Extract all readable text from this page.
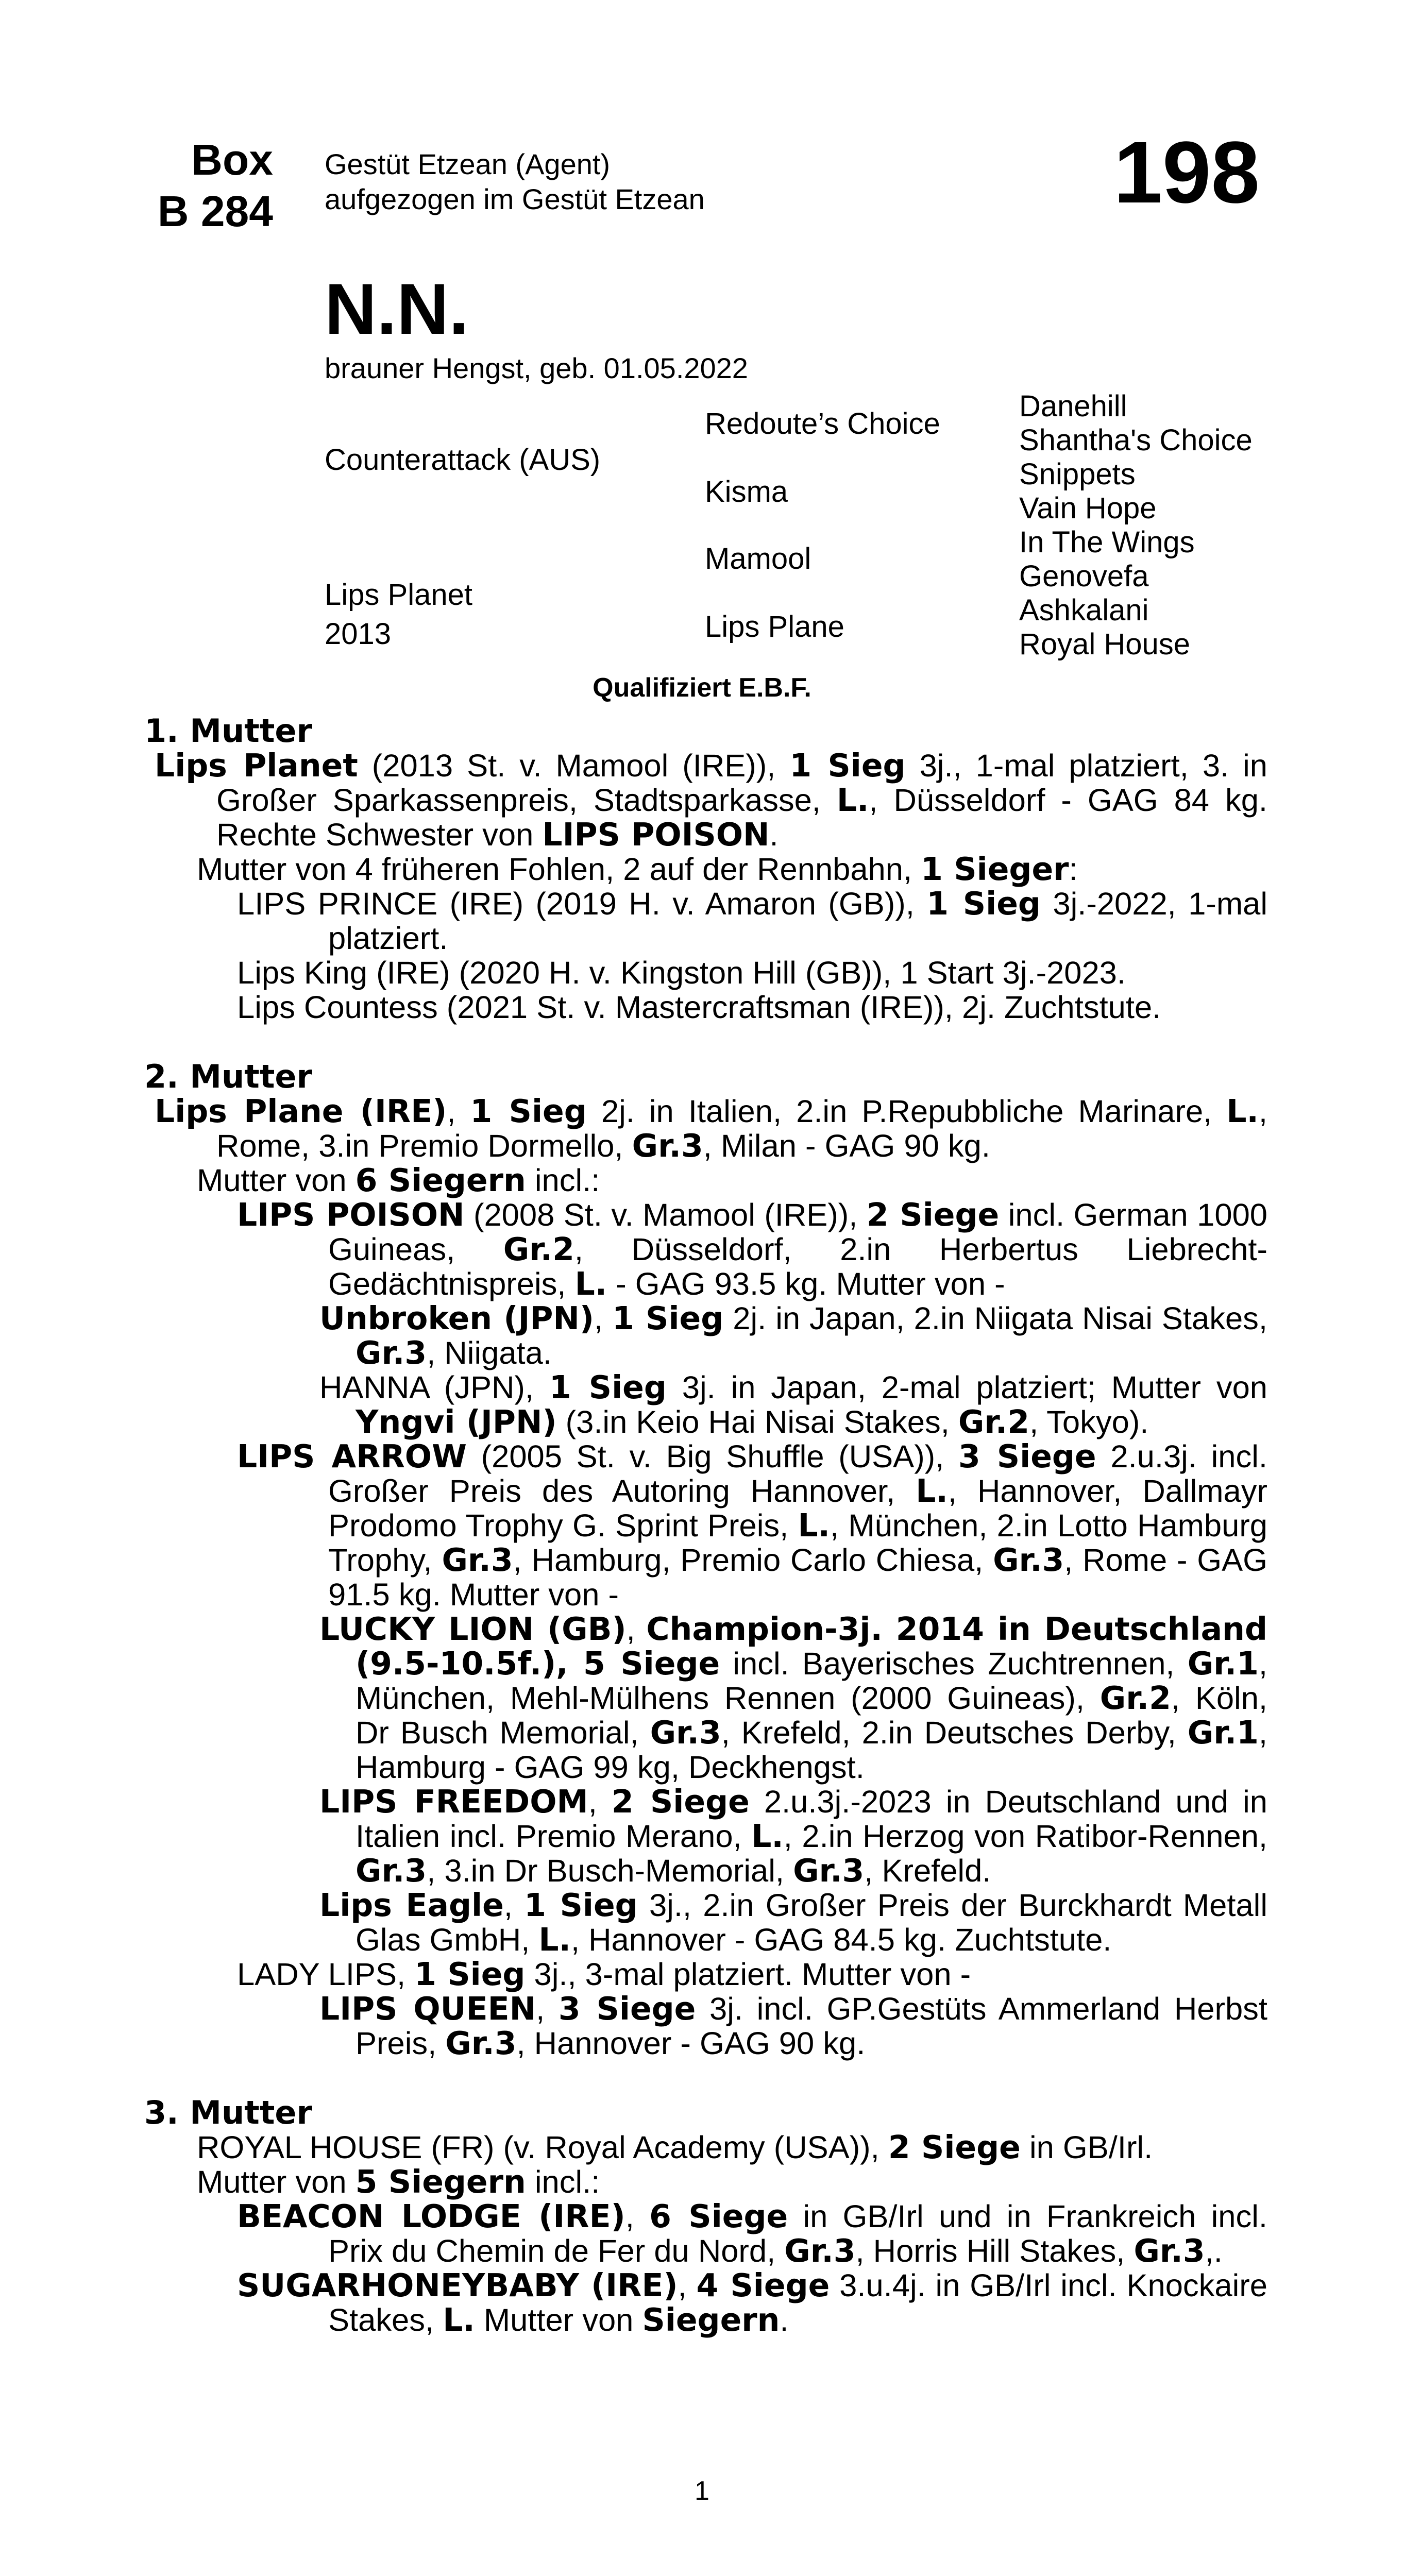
Box
B 284
Gestüt Etzean (Agent)
aufgezogen im Gestüt Etzean	198
N.N.
brauner Hengst, geb. 01.05.2022
Counterattack (AUS)
Lips Planet
2013
Redoute’s Choice
Kisma
Mamool
Lips Plane
Danehill
Shantha's Choice
Snippets
Vain Hope
In The Wings
Genovefa
Ashkalani
Royal House
Qualifiziert E.B.F.

1. Mutter

Lips Planet (2013 St. v. Mamool (IRE)), 1 Sieg 3j., 1-mal platziert, 3. in Großer Sparkassenpreis, Stadtsparkasse, L., Düsseldorf - GAG 84 kg. Rechte Schwester von LIPS POISON.

Mutter von 4 früheren Fohlen, 2 auf der Rennbahn, 1 Sieger:

LIPS PRINCE (IRE) (2019 H. v. Amaron (GB)), 1 Sieg 3j.-2022, 1-mal platziert.

Lips King (IRE) (2020 H. v. Kingston Hill (GB)), 1 Start 3j.-2023.

Lips Countess (2021 St. v. Mastercraftsman (IRE)), 2j. Zuchtstute.

2. Mutter

Lips Plane (IRE), 1 Sieg 2j. in Italien, 2.in P.Repubbliche Marinare, L., Rome, 3.in Premio Dormello, Gr.3, Milan - GAG 90 kg.

Mutter von 6 Siegern incl.:

LIPS POISON (2008 St. v. Mamool (IRE)), 2 Siege incl. German 1000 Guineas, Gr.2, Düsseldorf, 2.in Herbertus Liebrecht-Gedächtnispreis, L. - GAG 93.5 kg. Mutter von -

Unbroken (JPN), 1 Sieg 2j. in Japan, 2.in Niigata Nisai Stakes, Gr.3, Niigata.

HANNA (JPN), 1 Sieg 3j. in Japan, 2-mal platziert; Mutter von Yngvi (JPN) (3.in Keio Hai Nisai Stakes, Gr.2, Tokyo).

LIPS ARROW (2005 St. v. Big Shuffle (USA)), 3 Siege 2.u.3j. incl. Großer Preis des Autoring Hannover, L., Hannover, Dallmayr Prodomo Trophy G. Sprint Preis, L., München, 2.in Lotto Hamburg Trophy, Gr.3, Hamburg, Premio Carlo Chiesa, Gr.3, Rome - GAG 91.5 kg. Mutter von -

LUCKY LION (GB), Champion-3j. 2014 in Deutschland (9.5-10.5f.), 5 Siege incl. Bayerisches Zuchtrennen, Gr.1, München, Mehl-Mülhens Rennen (2000 Guineas), Gr.2, Köln, Dr Busch Memorial, Gr.3, Krefeld, 2.in Deutsches Derby, Gr.1, Hamburg - GAG 99 kg, Deckhengst.

LIPS FREEDOM, 2 Siege 2.u.3j.-2023 in Deutschland und in Italien incl. Premio Merano, L., 2.in Herzog von Ratibor-Rennen, Gr.3, 3.in Dr Busch-Memorial, Gr.3, Krefeld.

Lips Eagle, 1 Sieg 3j., 2.in Großer Preis der Burckhardt Metall Glas GmbH, L., Hannover - GAG 84.5 kg. Zuchtstute.

LADY LIPS, 1 Sieg 3j., 3-mal platziert. Mutter von -

LIPS QUEEN, 3 Siege 3j. incl. GP.Gestüts Ammerland Herbst Preis, Gr.3, Hannover - GAG 90 kg.

3. Mutter

ROYAL HOUSE (FR) (v. Royal Academy (USA)), 2 Siege in GB/Irl.

Mutter von 5 Siegern incl.:

BEACON LODGE (IRE), 6 Siege in GB/Irl und in Frankreich incl. Prix du Chemin de Fer du Nord, Gr.3, Horris Hill Stakes, Gr.3,.

SUGARHONEYBABY (IRE), 4 Siege 3.u.4j. in GB/Irl incl. Knockaire Stakes, L. Mutter von Siegern.

1
